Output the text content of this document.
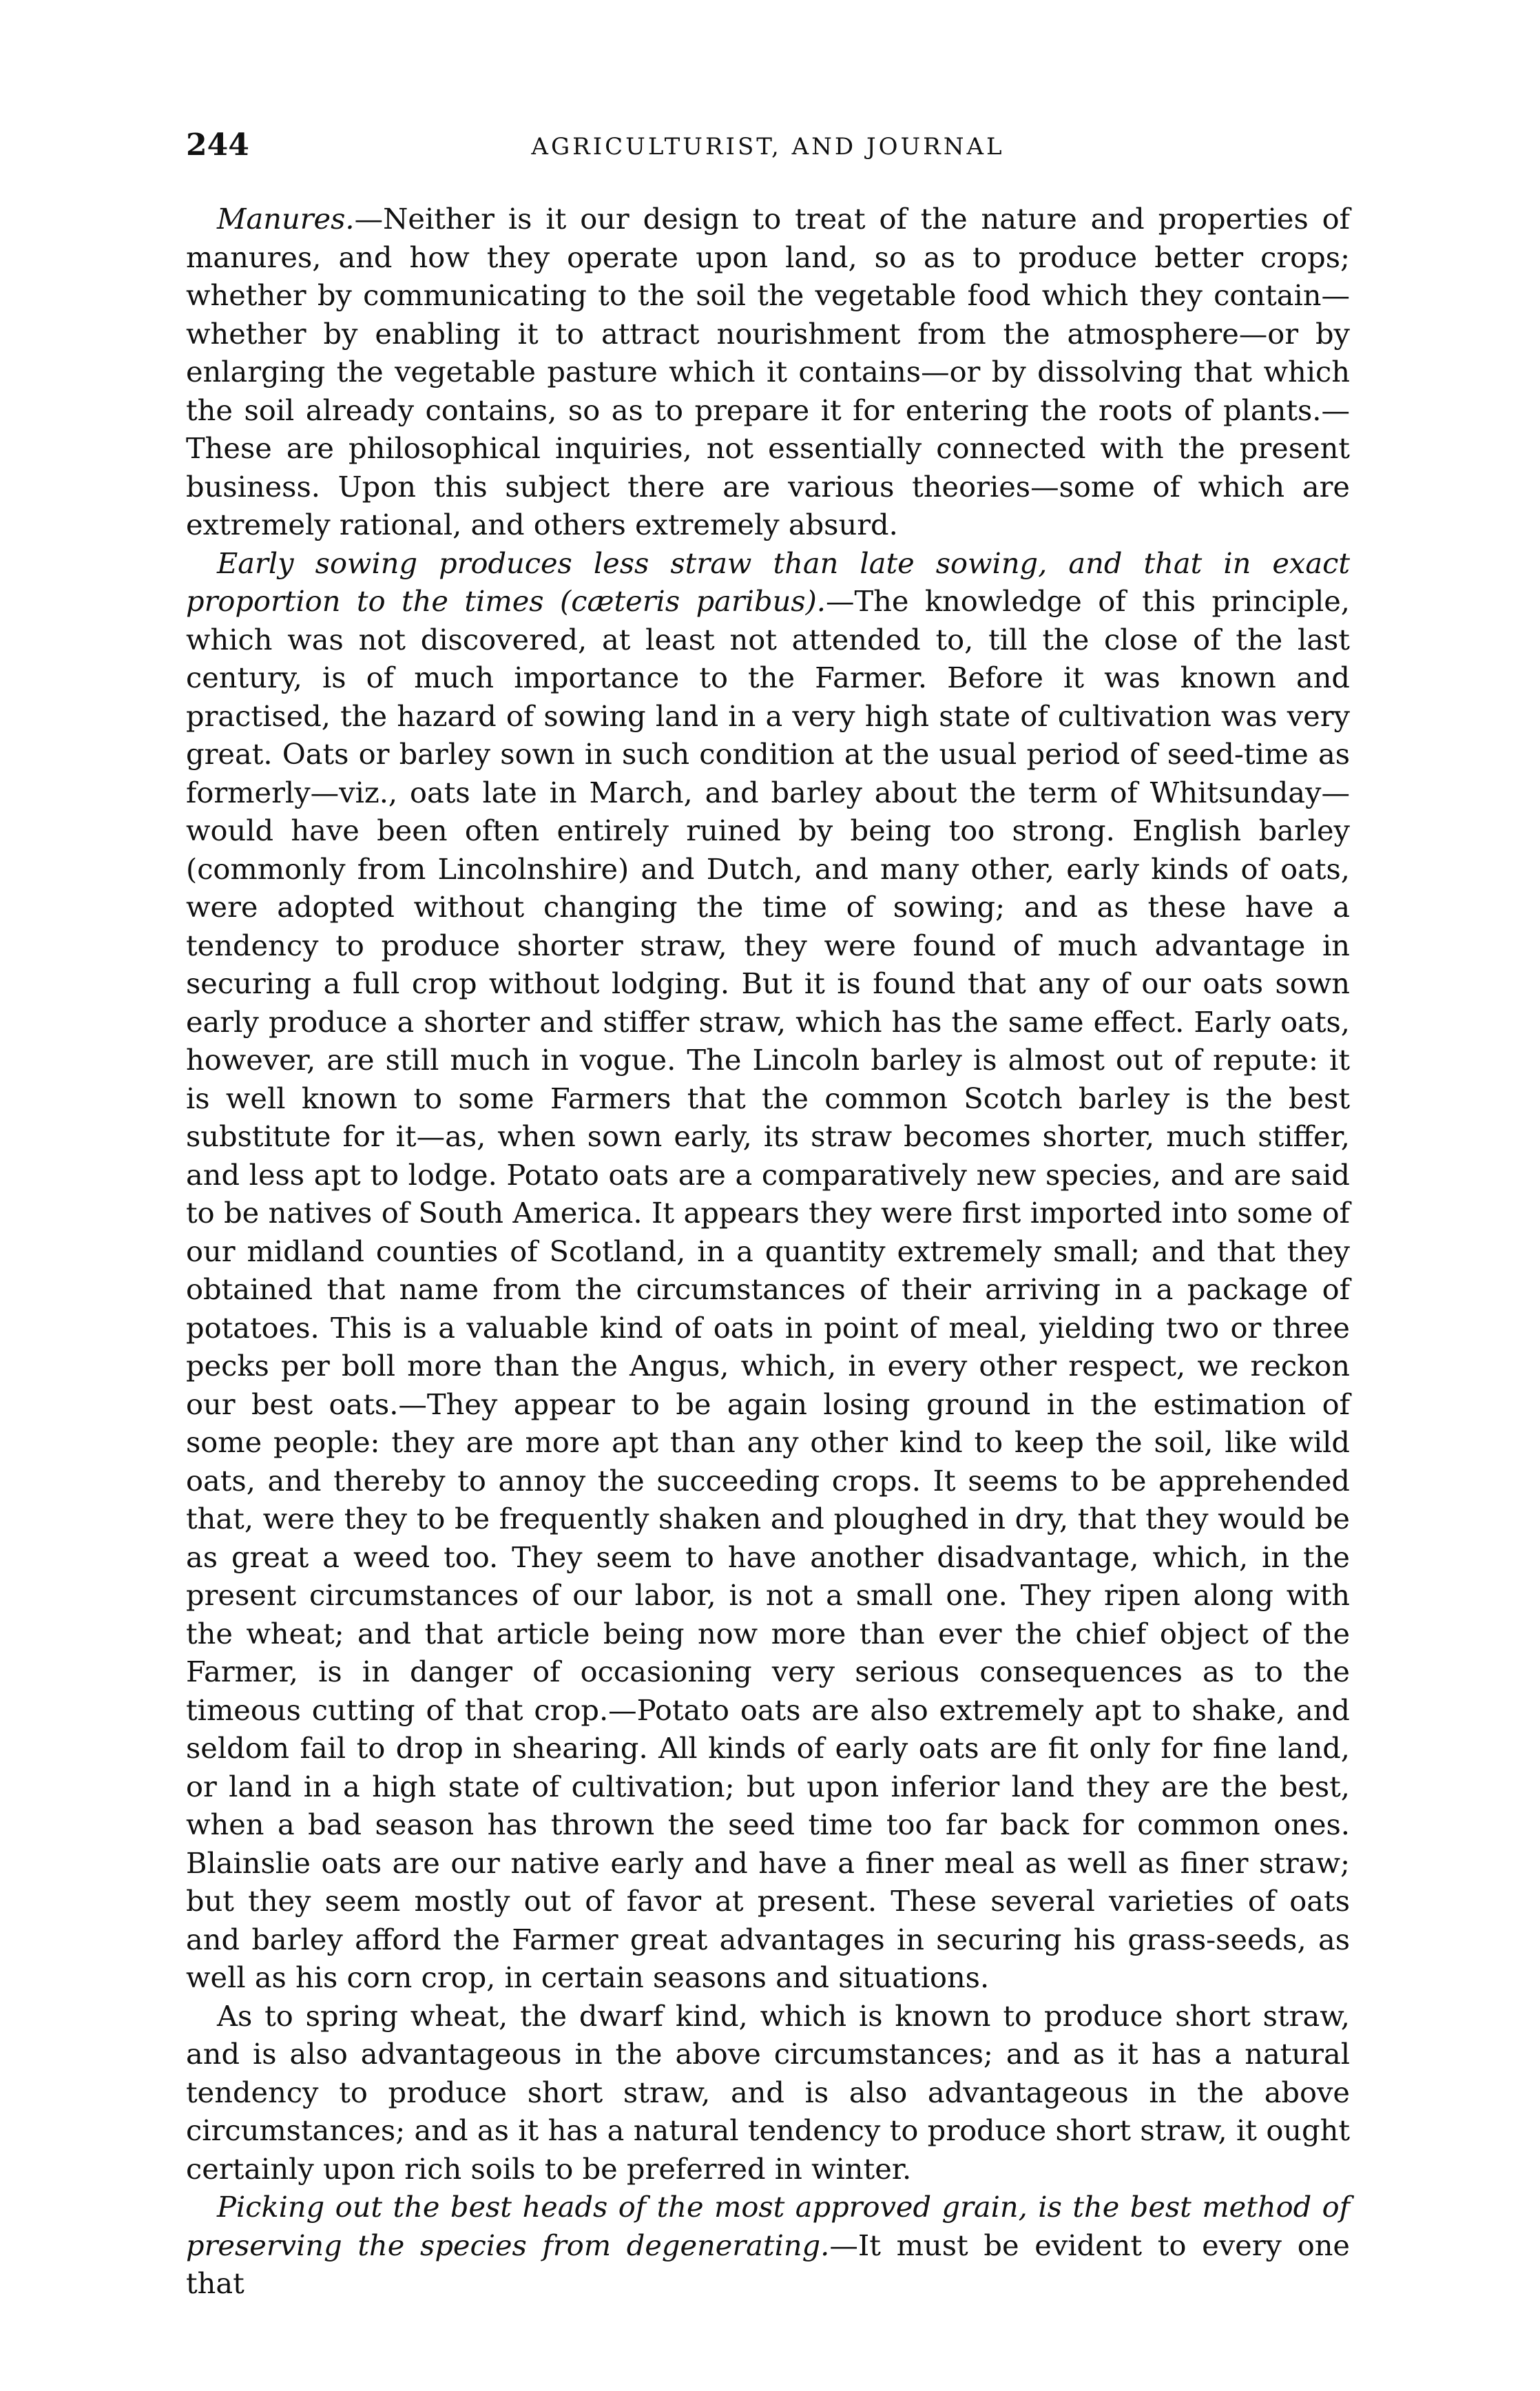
244	AGRICULTURIST, AND JOURNAL

Manures.—Neither is it our design to treat of the nature and properties of manures, and how they operate upon land, so as to produce better crops; whether by communicating to the soil the vegetable food which they contain—whether by enabling it to attract nourishment from the atmosphere—or by enlarging the vegetable pasture which it contains—or by dissolving that which the soil already contains, so as to prepare it for entering the roots of plants.—These are philosophical inquiries, not essentially connected with the present business. Upon this subject there are various theories—some of which are extremely rational, and others extremely absurd.

Early sowing produces less straw than late sowing, and that in exact proportion to the times (cæteris paribus).—The knowledge of this principle, which was not discovered, at least not attended to, till the close of the last century, is of much importance to the Farmer. Before it was known and practised, the hazard of sowing land in a very high state of cultivation was very great. Oats or barley sown in such condition at the usual period of seed-time as formerly—viz., oats late in March, and barley about the term of Whitsunday—would have been often entirely ruined by being too strong. English barley (commonly from Lincolnshire) and Dutch, and many other, early kinds of oats, were adopted without changing the time of sowing; and as these have a tendency to produce shorter straw, they were found of much advantage in securing a full crop without lodging. But it is found that any of our oats sown early produce a shorter and stiffer straw, which has the same effect. Early oats, however, are still much in vogue. The Lincoln barley is almost out of repute: it is well known to some Farmers that the common Scotch barley is the best substitute for it—as, when sown early, its straw becomes shorter, much stiffer, and less apt to lodge. Potato oats are a comparatively new species, and are said to be natives of South America. It appears they were first imported into some of our midland counties of Scotland, in a quantity extremely small; and that they obtained that name from the circumstances of their arriving in a package of potatoes. This is a valuable kind of oats in point of meal, yielding two or three pecks per boll more than the Angus, which, in every other respect, we reckon our best oats.—They appear to be again losing ground in the estimation of some people: they are more apt than any other kind to keep the soil, like wild oats, and thereby to annoy the succeeding crops. It seems to be apprehended that, were they to be frequently shaken and ploughed in dry, that they would be as great a weed too. They seem to have another disadvantage, which, in the present circumstances of our labor, is not a small one. They ripen along with the wheat; and that article being now more than ever the chief object of the Farmer, is in danger of occasioning very serious consequences as to the timeous cutting of that crop.—Potato oats are also extremely apt to shake, and seldom fail to drop in shearing. All kinds of early oats are fit only for fine land, or land in a high state of cultivation; but upon inferior land they are the best, when a bad season has thrown the seed time too far back for common ones. Blainslie oats are our native early and have a finer meal as well as finer straw; but they seem mostly out of favor at present. These several varieties of oats and barley afford the Farmer great advantages in securing his grass-seeds, as well as his corn crop, in certain seasons and situations.

As to spring wheat, the dwarf kind, which is known to produce short straw, and is also advantageous in the above circumstances; and as it has a natural tendency to produce short straw, and is also advantageous in the above circumstances; and as it has a natural tendency to produce short straw, it ought certainly upon rich soils to be preferred in winter.

Picking out the best heads of the most approved grain, is the best method of preserving the species from degenerating.—It must be evident to every one that
